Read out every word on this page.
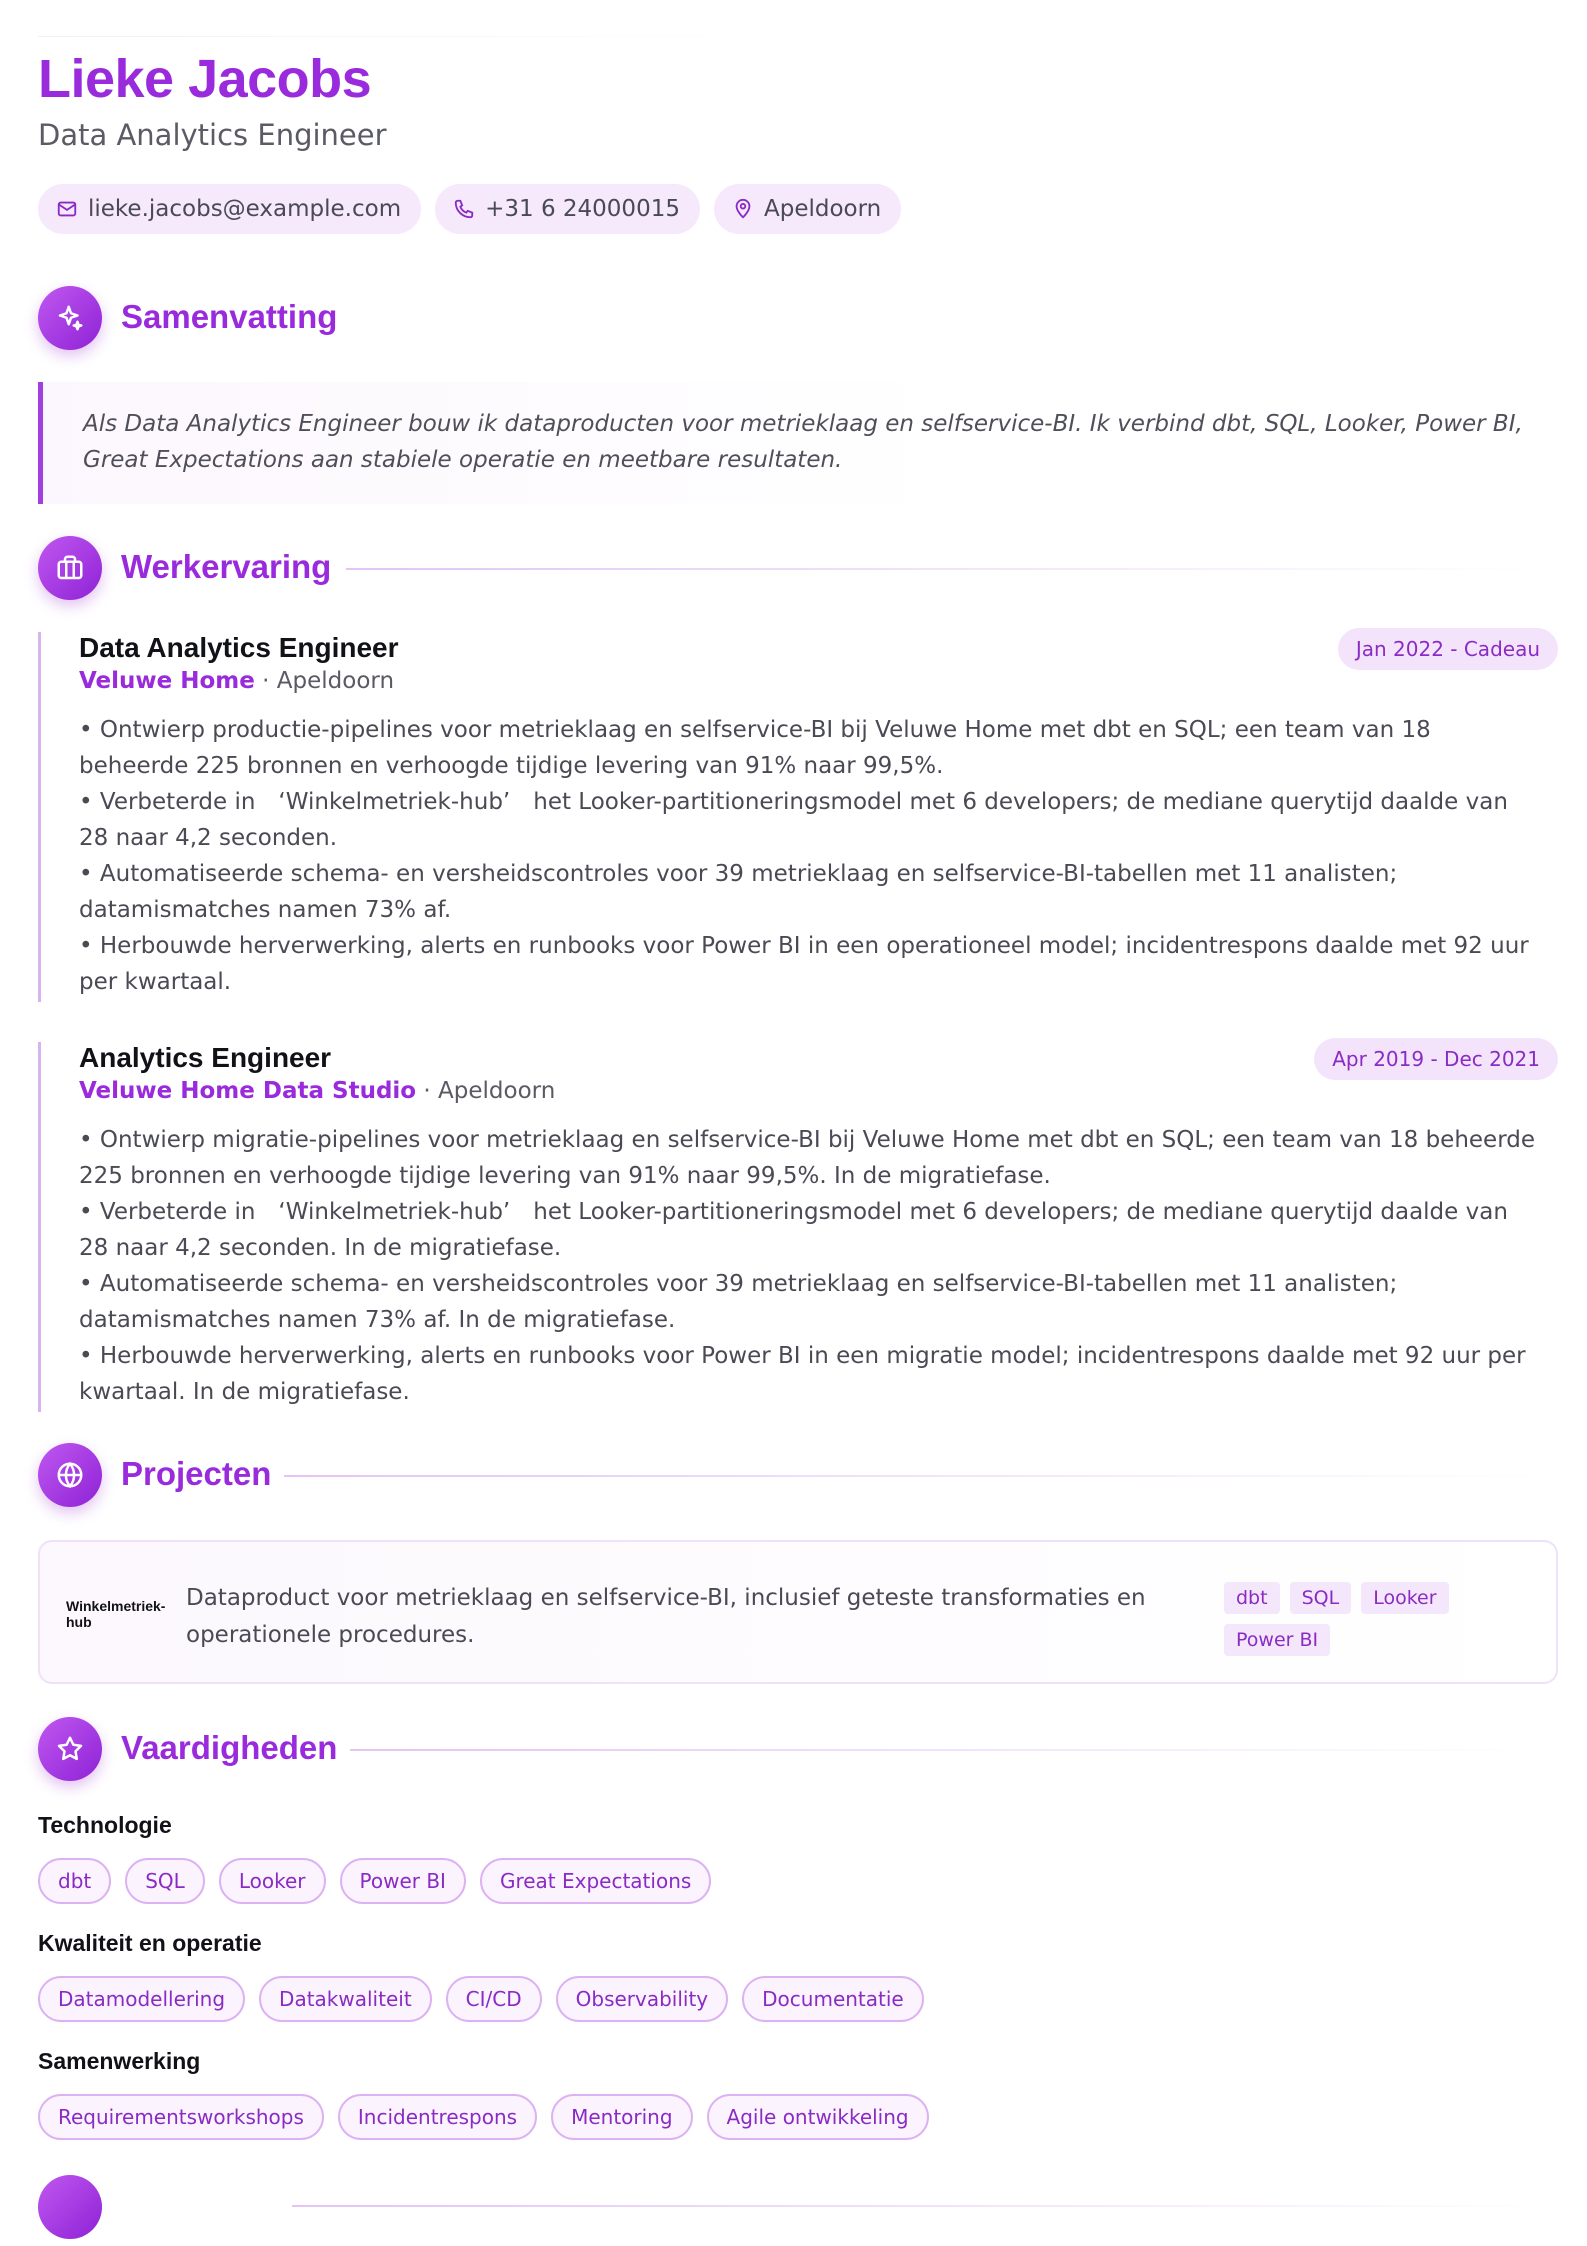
Lieke Jacobs
Data Analytics Engineer
lieke.jacobs@example.com	+31 6 24000015	Apeldoorn
Samenvatting

Als Data Analytics Engineer bouw ik dataproducten voor metrieklaag en selfservice-BI. Ik verbind dbt, SQL, Looker, Power BI, Great Expectations aan stabiele operatie en meetbare resultaten.

Werkervaring
Data Analytics Engineer
Veluwe Home · Apeldoorn
Jan 2022 - Cadeau
• Ontwierp productie-pipelines voor metrieklaag en selfservice-BI bij Veluwe Home met dbt en SQL; een team van 18 beheerde 225 bronnen en verhoogde tijdige levering van 91% naar 99,5%.
• Verbeterde in ‘Winkelmetriek-hub’ het Looker-partitioneringsmodel met 6 developers; de mediane querytijd daalde van 28 naar 4,2 seconden.
• Automatiseerde schema- en versheidscontroles voor 39 metrieklaag en selfservice-BI-tabellen met 11 analisten; datamismatches namen 73% af.
• Herbouwde herverwerking, alerts en runbooks voor Power BI in een operationeel model; incidentrespons daalde met 92 uur per kwartaal.
Analytics Engineer
Veluwe Home Data Studio · Apeldoorn
Apr 2019 - Dec 2021
• Ontwierp migratie-pipelines voor metrieklaag en selfservice-BI bij Veluwe Home met dbt en SQL; een team van 18 beheerde 225 bronnen en verhoogde tijdige levering van 91% naar 99,5%. In de migratiefase.
• Verbeterde in ‘Winkelmetriek-hub’ het Looker-partitioneringsmodel met 6 developers; de mediane querytijd daalde van 28 naar 4,2 seconden. In de migratiefase.
• Automatiseerde schema- en versheidscontroles voor 39 metrieklaag en selfservice-BI-tabellen met 11 analisten; datamismatches namen 73% af. In de migratiefase.
• Herbouwde herverwerking, alerts en runbooks voor Power BI in een migratie model; incidentrespons daalde met 92 uur per kwartaal. In de migratiefase.
Projecten
Winkelmetriek-hub
Dataproduct voor metrieklaag en selfservice-BI, inclusief geteste transformaties en operationele procedures.
dbt	SQL	Looker
Power BI
Vaardigheden
Technologie
dbt	SQL	Looker	Power BI	Great Expectations
Kwaliteit en operatie
Datamodellering	Datakwaliteit	CI/CD	Observability	Documentatie
Samenwerking
Requirementsworkshops	Incidentrespons	Mentoring	Agile ontwikkeling
